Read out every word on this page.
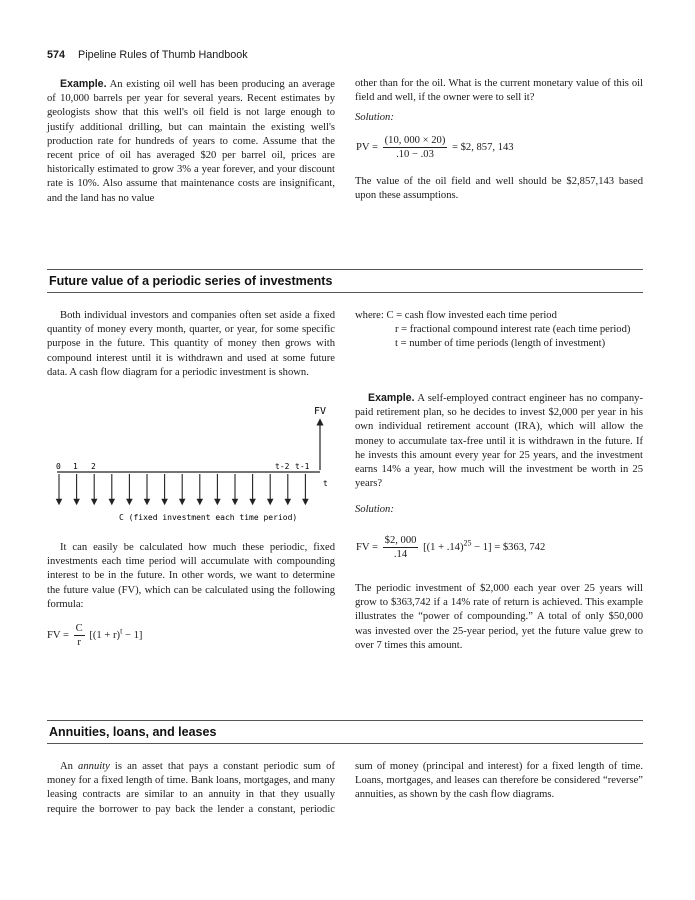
574 Pipeline Rules of Thumb Handbook

Example. An existing oil well has been producing an average of 10,000 barrels per year for several years. Recent estimates by geologists show that this well's oil field is not large enough to justify additional drilling, but can maintain the existing well's production rate for hundreds of years to come. Assume that the recent price of oil has averaged $20 per barrel oil, prices are historically estimated to grow 3% a year forever, and your discount rate is 10%. Also assume that maintenance costs are insignificant, and the land has no value

other than for the oil. What is the current monetary value of this oil field and well, if the owner were to sell it?

Solution:

PV = $\frac{(10, 000 \times 20)}{.10 - .03}$ = $2, 857, 143

The value of the oil field and well should be $2,857,143 based upon these assumptions.

Future value of a periodic series of investments

Both individual investors and companies often set aside a fixed quantity of money every month, quarter, or year, for some specific purpose in the future. This quantity of money then grows with compound interest until it is withdrawn and used at some future data. A cash flow diagram for a periodic investment is shown.

FV
0 1 2	t-2 t-1
t
C (fixed investment each time period)

It can easily be calculated how much these periodic, fixed investments each time period will accumulate with compounding interest to be in the future. In other words, we want to determine the future value (FV), which can be calculated using the following formula:

FV = $\frac{C}{r} [(1 + r)^t - 1]$
where: C = cash flow invested each time period
r = fractional compound interest rate (each time period)
t = number of time periods (length of investment)

Example. A self-employed contract engineer has no company-paid retirement plan, so he decides to invest $2,000 per year in his own individual retirement account (IRA), which will allow the money to accumulate tax-free until it is withdrawn in the future. If he invests this amount every year for 25 years, and the investment earns 14% a year, how much will the investment be worth in 25 years?

Solution:

FV = $\frac{\$2, 000}{.14} [(1 + .14)^{25} - 1]$ = $363, 742

The periodic investment of $2,000 each year over 25 years will grow to $363,742 if a 14% rate of return is achieved. This example illustrates the “power of compounding.” A total of only $50,000 was invested over the 25-year period, yet the future value grew to over 7 times this amount.

Annuities, loans, and leases

An annuity is an asset that pays a constant periodic sum of money for a fixed length of time. Bank loans, mortgages, and many leasing contracts are similar to an annuity in that they usually require the borrower to pay back the lender a constant, periodic sum of money (principal and interest) for a fixed length of time. Loans, mortgages, and leases can therefore be considered “reverse” annuities, as shown by the cash flow diagrams.
